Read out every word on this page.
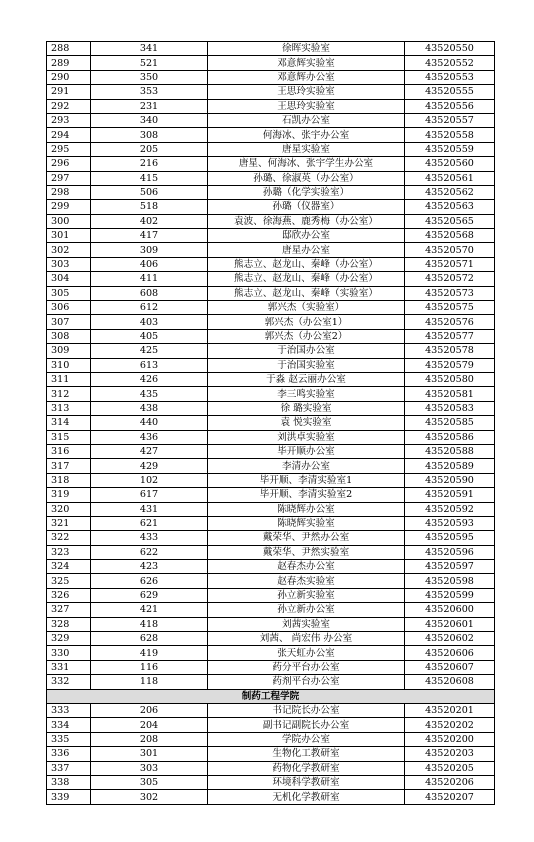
288	341	徐晖实验室	43520550
289	521	邓意辉实验室	43520552
290	350	邓意辉办公室	43520553
291	353	王思玲实验室	43520555
292	231	王思玲实验室	43520556
293	340	石凯办公室	43520557
294	308	何海冰、张宇办公室	43520558
295	205	唐星实验室	43520559
296	216	唐星、何海冰、张宇学生办公室	43520560
297	415	孙璐、徐淑英（办公室）	43520561
298	506	孙璐（化学实验室）	43520562
299	518	孙璐（仪器室）	43520563
300	402	袁波、徐海燕、鹿秀梅（办公室）	43520565
301	417	邸欣办公室	43520568
302	309	唐星办公室	43520570
303	406	熊志立、赵龙山、秦峰（办公室）	43520571
304	411	熊志立、赵龙山、秦峰（办公室）	43520572
305	608	熊志立、赵龙山、秦峰（实验室）	43520573
306	612	郭兴杰（实验室）	43520575
307	403	郭兴杰（办公室1）	43520576
308	405	郭兴杰（办公室2）	43520577
309	425	于治国办公室	43520578
310	613	于治国实验室	43520579
311	426	于淼 赵云丽办公室	43520580
312	435	李三鸣实验室	43520581
313	438	徐 璐实验室	43520583
314	440	袁 悦实验室	43520585
315	436	刘洪卓实验室	43520586
316	427	毕开顺办公室	43520588
317	429	李清办公室	43520589
318	102	毕开顺、李清实验室1	43520590
319	617	毕开顺、李清实验室2	43520591
320	431	陈晓辉办公室	43520592
321	621	陈晓辉实验室	43520593
322	433	戴荣华、尹然办公室	43520595
323	622	戴荣华、尹然实验室	43520596
324	423	赵春杰办公室	43520597
325	626	赵春杰实验室	43520598
326	629	孙立新实验室	43520599
327	421	孙立新办公室	43520600
328	418	刘茜实验室	43520601
329	628	刘茜、 尚宏伟 办公室	43520602
330	419	张天虹办公室	43520606
331	116	药分平台办公室	43520607
332	118	药剂平台办公室	43520608
制药工程学院			
333	206	书记院长办公室	43520201
334	204	副书记副院长办公室	43520202
335	208	学院办公室	43520200
336	301	生物化工教研室	43520203
337	303	药物化学教研室	43520205
338	305	环境科学教研室	43520206
339	302	无机化学教研室	43520207
